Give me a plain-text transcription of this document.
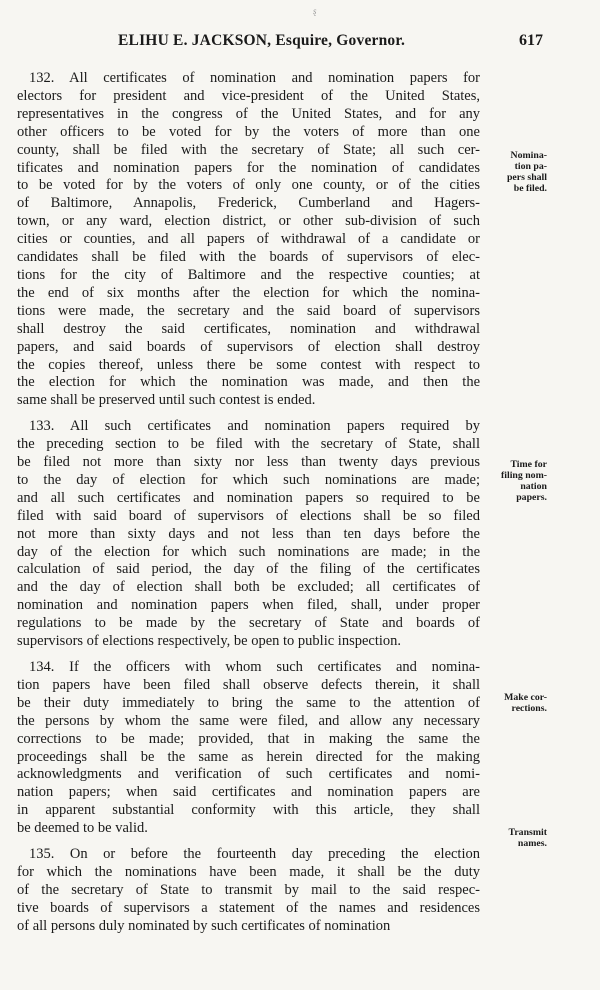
ȿ
ELIHU E. JACKSON, Esquire, Governor.	617
132. All certificates of nomination and nomination papers for
electors for president and vice-president of the United States,
representatives in the congress of the United States, and for any
other officers to be voted for by the voters of more than one
county, shall be filed with the secretary of State; all such cer-
tificates and nomination papers for the nomination of candidates
to be voted for by the voters of only one county, or of the cities
of Baltimore, Annapolis, Frederick, Cumberland and Hagers-
town, or any ward, election district, or other sub-division of such
cities or counties, and all papers of withdrawal of a candidate or
candidates shall be filed with the boards of supervisors of elec-
tions for the city of Baltimore and the respective counties; at
the end of six months after the election for which the nomina-
tions were made, the secretary and the said board of supervisors
shall destroy the said certificates, nomination and withdrawal
papers, and said boards of supervisors of election shall destroy
the copies thereof, unless there be some contest with respect to
the election for which the nomination was made, and then the
same shall be preserved until such contest is ended.
133. All such certificates and nomination papers required by
the preceding section to be filed with the secretary of State, shall
be filed not more than sixty nor less than twenty days previous
to the day of election for which such nominations are made;
and all such certificates and nomination papers so required to be
filed with said board of supervisors of elections shall be so filed
not more than sixty days and not less than ten days before the
day of the election for which such nominations are made; in the
calculation of said period, the day of the filing of the certificates
and the day of election shall both be excluded; all certificates of
nomination and nomination papers when filed, shall, under proper
regulations to be made by the secretary of State and boards of
supervisors of elections respectively, be open to public inspection.
134. If the officers with whom such certificates and nomina-
tion papers have been filed shall observe defects therein, it shall
be their duty immediately to bring the same to the attention of
the persons by whom the same were filed, and allow any necessary
corrections to be made; provided, that in making the same the
proceedings shall be the same as herein directed for the making
acknowledgments and verification of such certificates and nomi-
nation papers; when said certificates and nomination papers are
in apparent substantial conformity with this article, they shall
be deemed to be valid.
135. On or before the fourteenth day preceding the election
for which the nominations have been made, it shall be the duty
of the secretary of State to transmit by mail to the said respec-
tive boards of supervisors a statement of the names and residences
of all persons duly nominated by such certificates of nomination
Nomina-
tion pa-
pers shall
be filed.
Time for
filing nom-
nation
papers.
Make cor-
rections.
Transmit
names.
